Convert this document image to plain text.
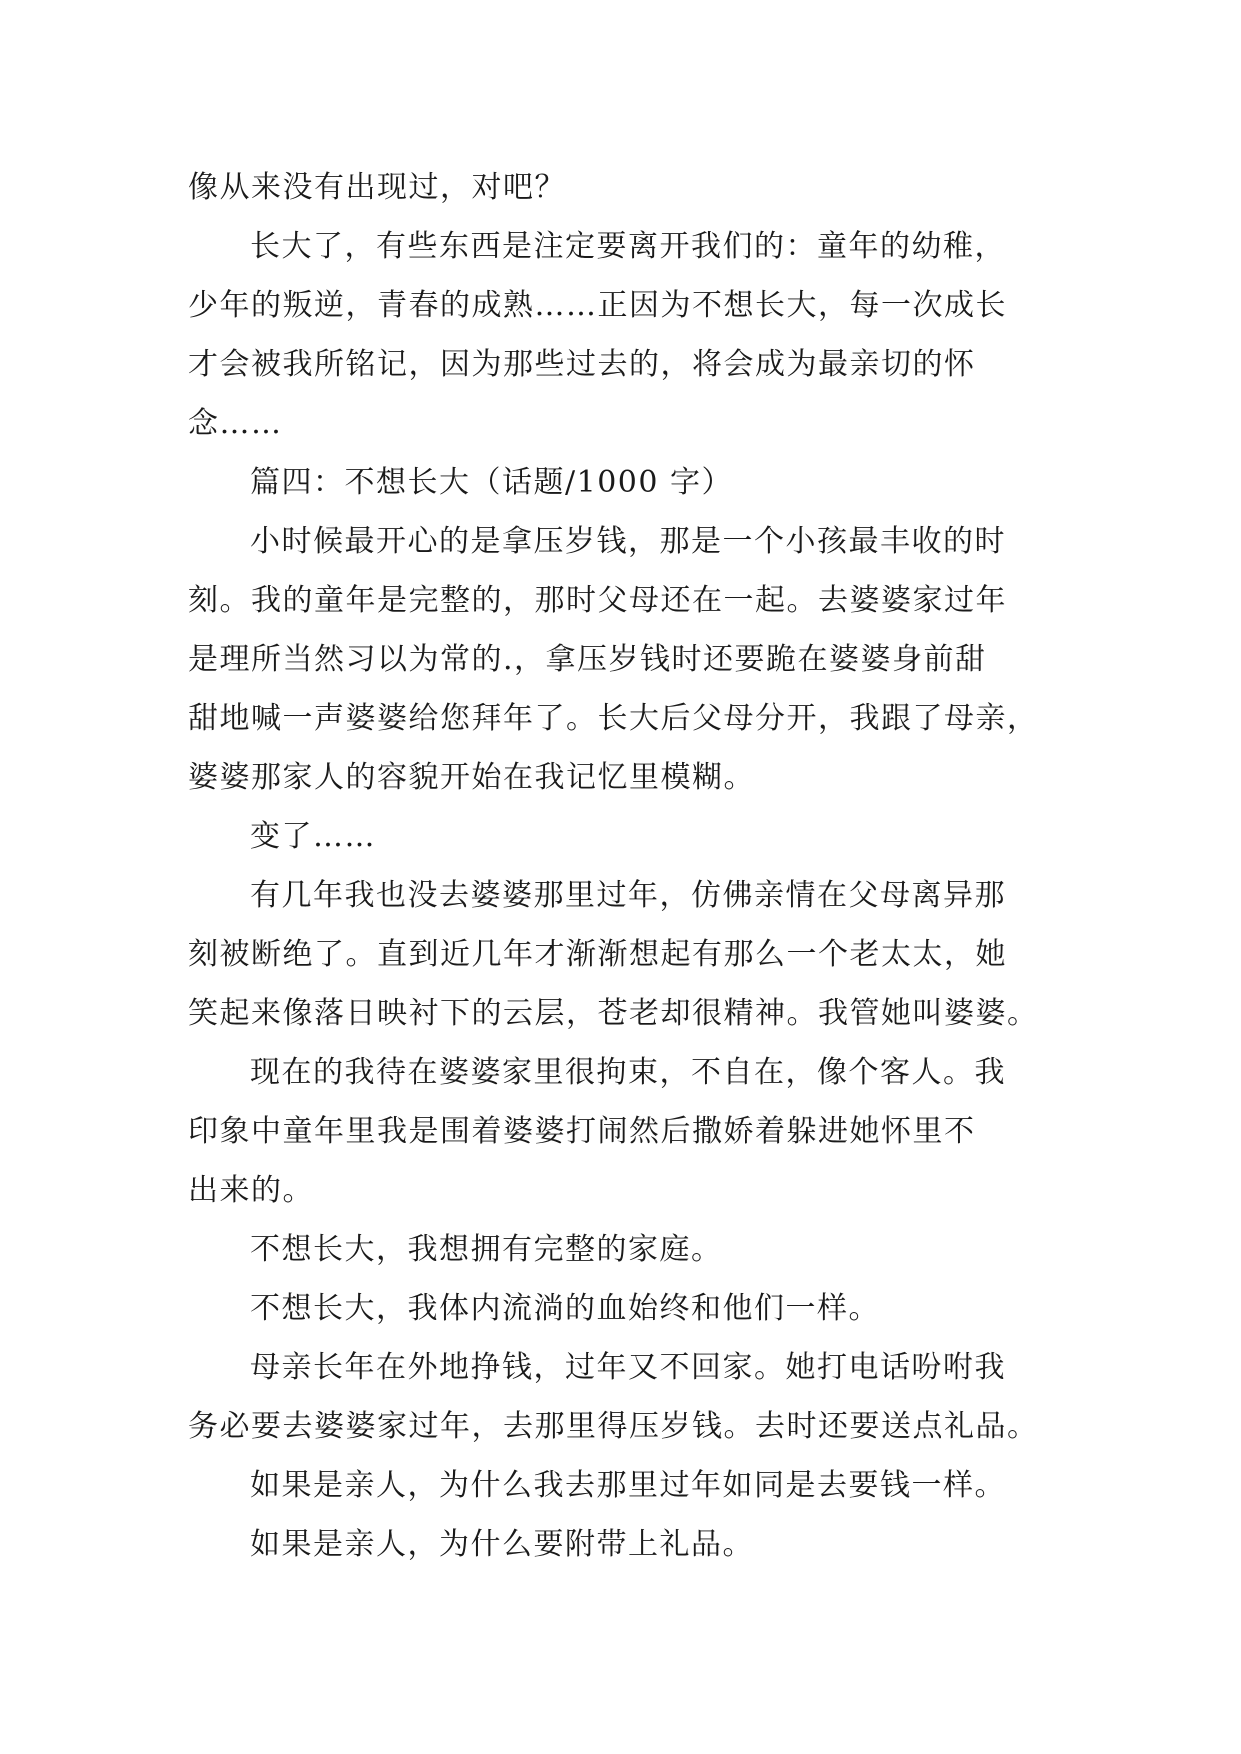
像从来没有出现过，对吧？
长大了，有些东西是注定要离开我们的：童年的幼稚，
少年的叛逆，青春的成熟……正因为不想长大，每一次成长
才会被我所铭记，因为那些过去的，将会成为最亲切的怀
念……
篇四：不想长大（话题/1000 字）
小时候最开心的是拿压岁钱，那是一个小孩最丰收的时
刻。我的童年是完整的，那时父母还在一起。去婆婆家过年
是理所当然习以为常的.，拿压岁钱时还要跪在婆婆身前甜
甜地喊一声婆婆给您拜年了。长大后父母分开，我跟了母亲，
婆婆那家人的容貌开始在我记忆里模糊。
变了……
有几年我也没去婆婆那里过年，仿佛亲情在父母离异那
刻被断绝了。直到近几年才渐渐想起有那么一个老太太，她
笑起来像落日映衬下的云层，苍老却很精神。我管她叫婆婆。
现在的我待在婆婆家里很拘束，不自在，像个客人。我
印象中童年里我是围着婆婆打闹然后撒娇着躲进她怀里不
出来的。
不想长大，我想拥有完整的家庭。
不想长大，我体内流淌的血始终和他们一样。
母亲长年在外地挣钱，过年又不回家。她打电话吩咐我
务必要去婆婆家过年，去那里得压岁钱。去时还要送点礼品。
如果是亲人，为什么我去那里过年如同是去要钱一样。
如果是亲人，为什么要附带上礼品。
